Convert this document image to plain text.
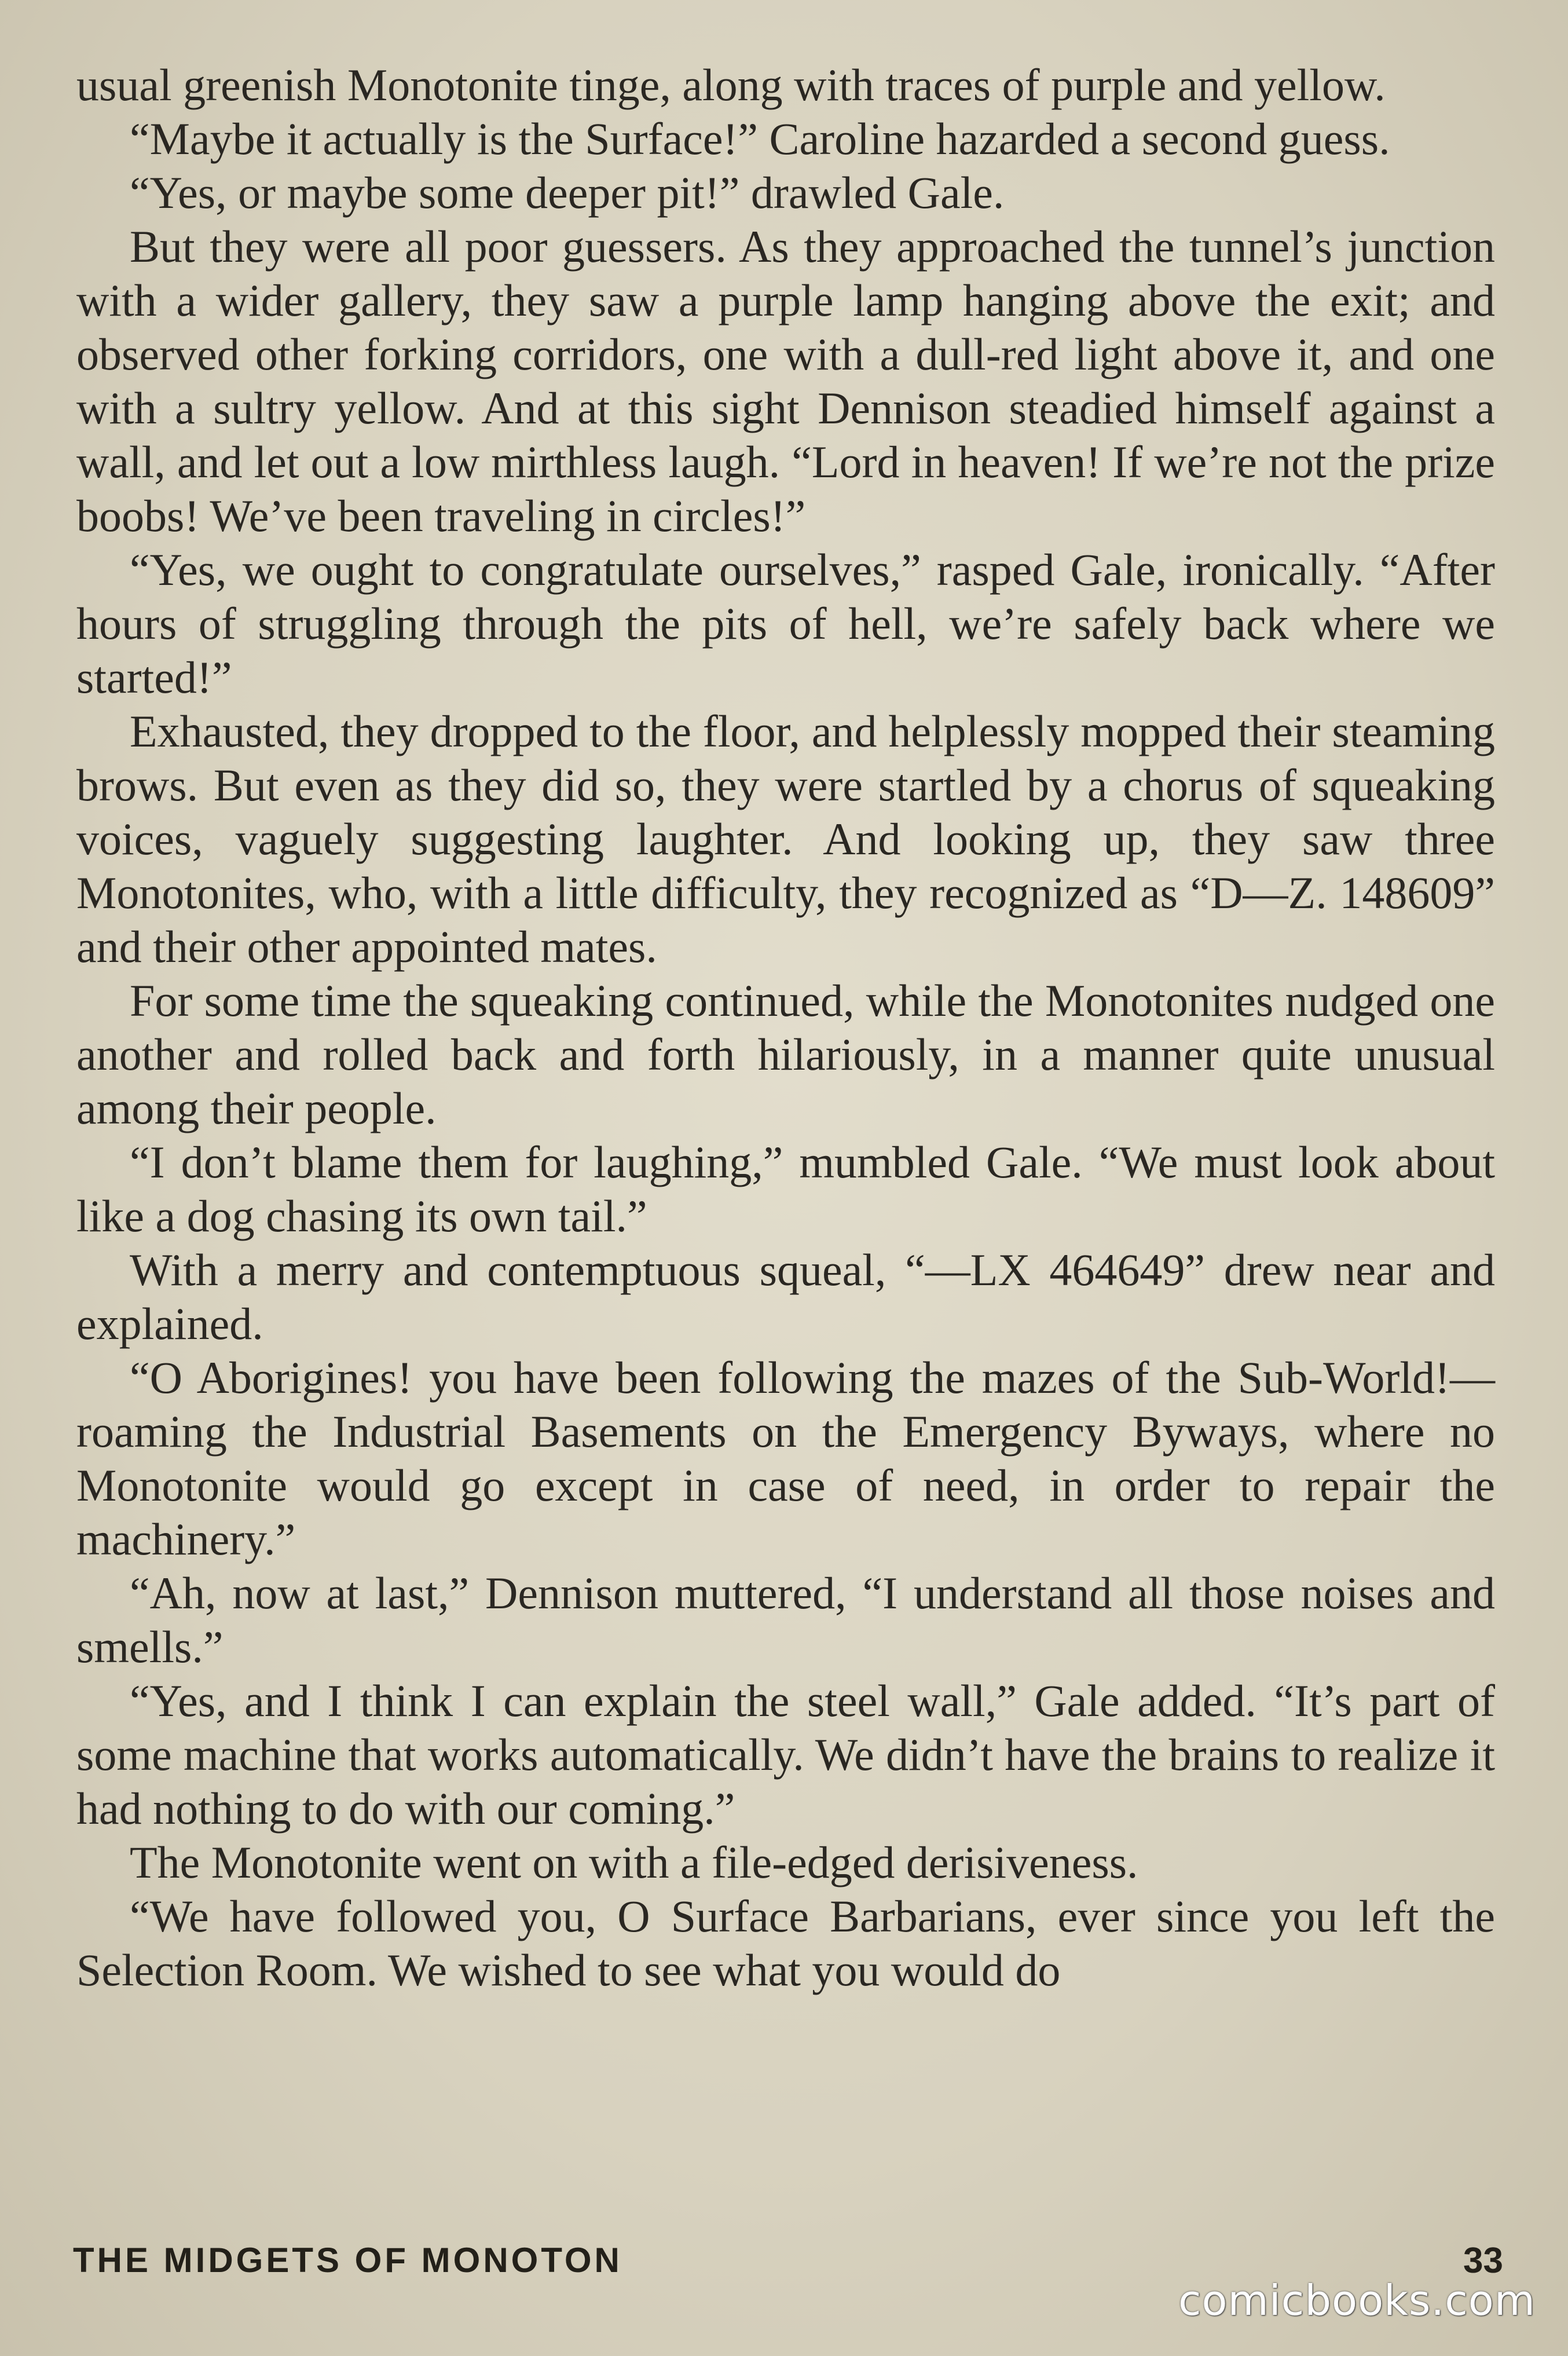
usual greenish Monotonite tinge, along with traces of purple and yellow.

“Maybe it actually is the Surface!” Caroline hazarded a second guess.

“Yes, or maybe some deeper pit!” drawled Gale.

But they were all poor guessers. As they approached the tunnel’s junction with a wider gallery, they saw a purple lamp hanging above the exit; and observed other forking corridors, one with a dull-red light above it, and one with a sultry yellow. And at this sight Dennison steadied himself against a wall, and let out a low mirthless laugh. “Lord in heaven! If we’re not the prize boobs! We’ve been traveling in circles!”

“Yes, we ought to congratulate ourselves,” rasped Gale, ironically. “After hours of struggling through the pits of hell, we’re safely back where we started!”

Exhausted, they dropped to the floor, and helplessly mopped their steaming brows. But even as they did so, they were startled by a chorus of squeaking voices, vaguely suggesting laughter. And looking up, they saw three Monotonites, who, with a little difficulty, they recognized as “D—Z. 148609” and their other appointed mates.

For some time the squeaking continued, while the Monotonites nudged one another and rolled back and forth hilariously, in a manner quite unusual among their people.

“I don’t blame them for laughing,” mumbled Gale. “We must look about like a dog chasing its own tail.”

With a merry and contemptuous squeal, “—LX 464649” drew near and explained.

“O Aborigines! you have been following the mazes of the Sub-World!—roaming the Industrial Basements on the Emergency Byways, where no Monotonite would go except in case of need, in order to repair the machinery.”

“Ah, now at last,” Dennison muttered, “I understand all those noises and smells.”

“Yes, and I think I can explain the steel wall,” Gale added. “It’s part of some machine that works automatically. We didn’t have the brains to realize it had nothing to do with our coming.”

The Monotonite went on with a file-edged derisiveness.

“We have followed you, O Surface Barbarians, ever since you left the Selection Room. We wished to see what you would do

THE MIDGETS OF MONOTON	33
comicbooks.com
